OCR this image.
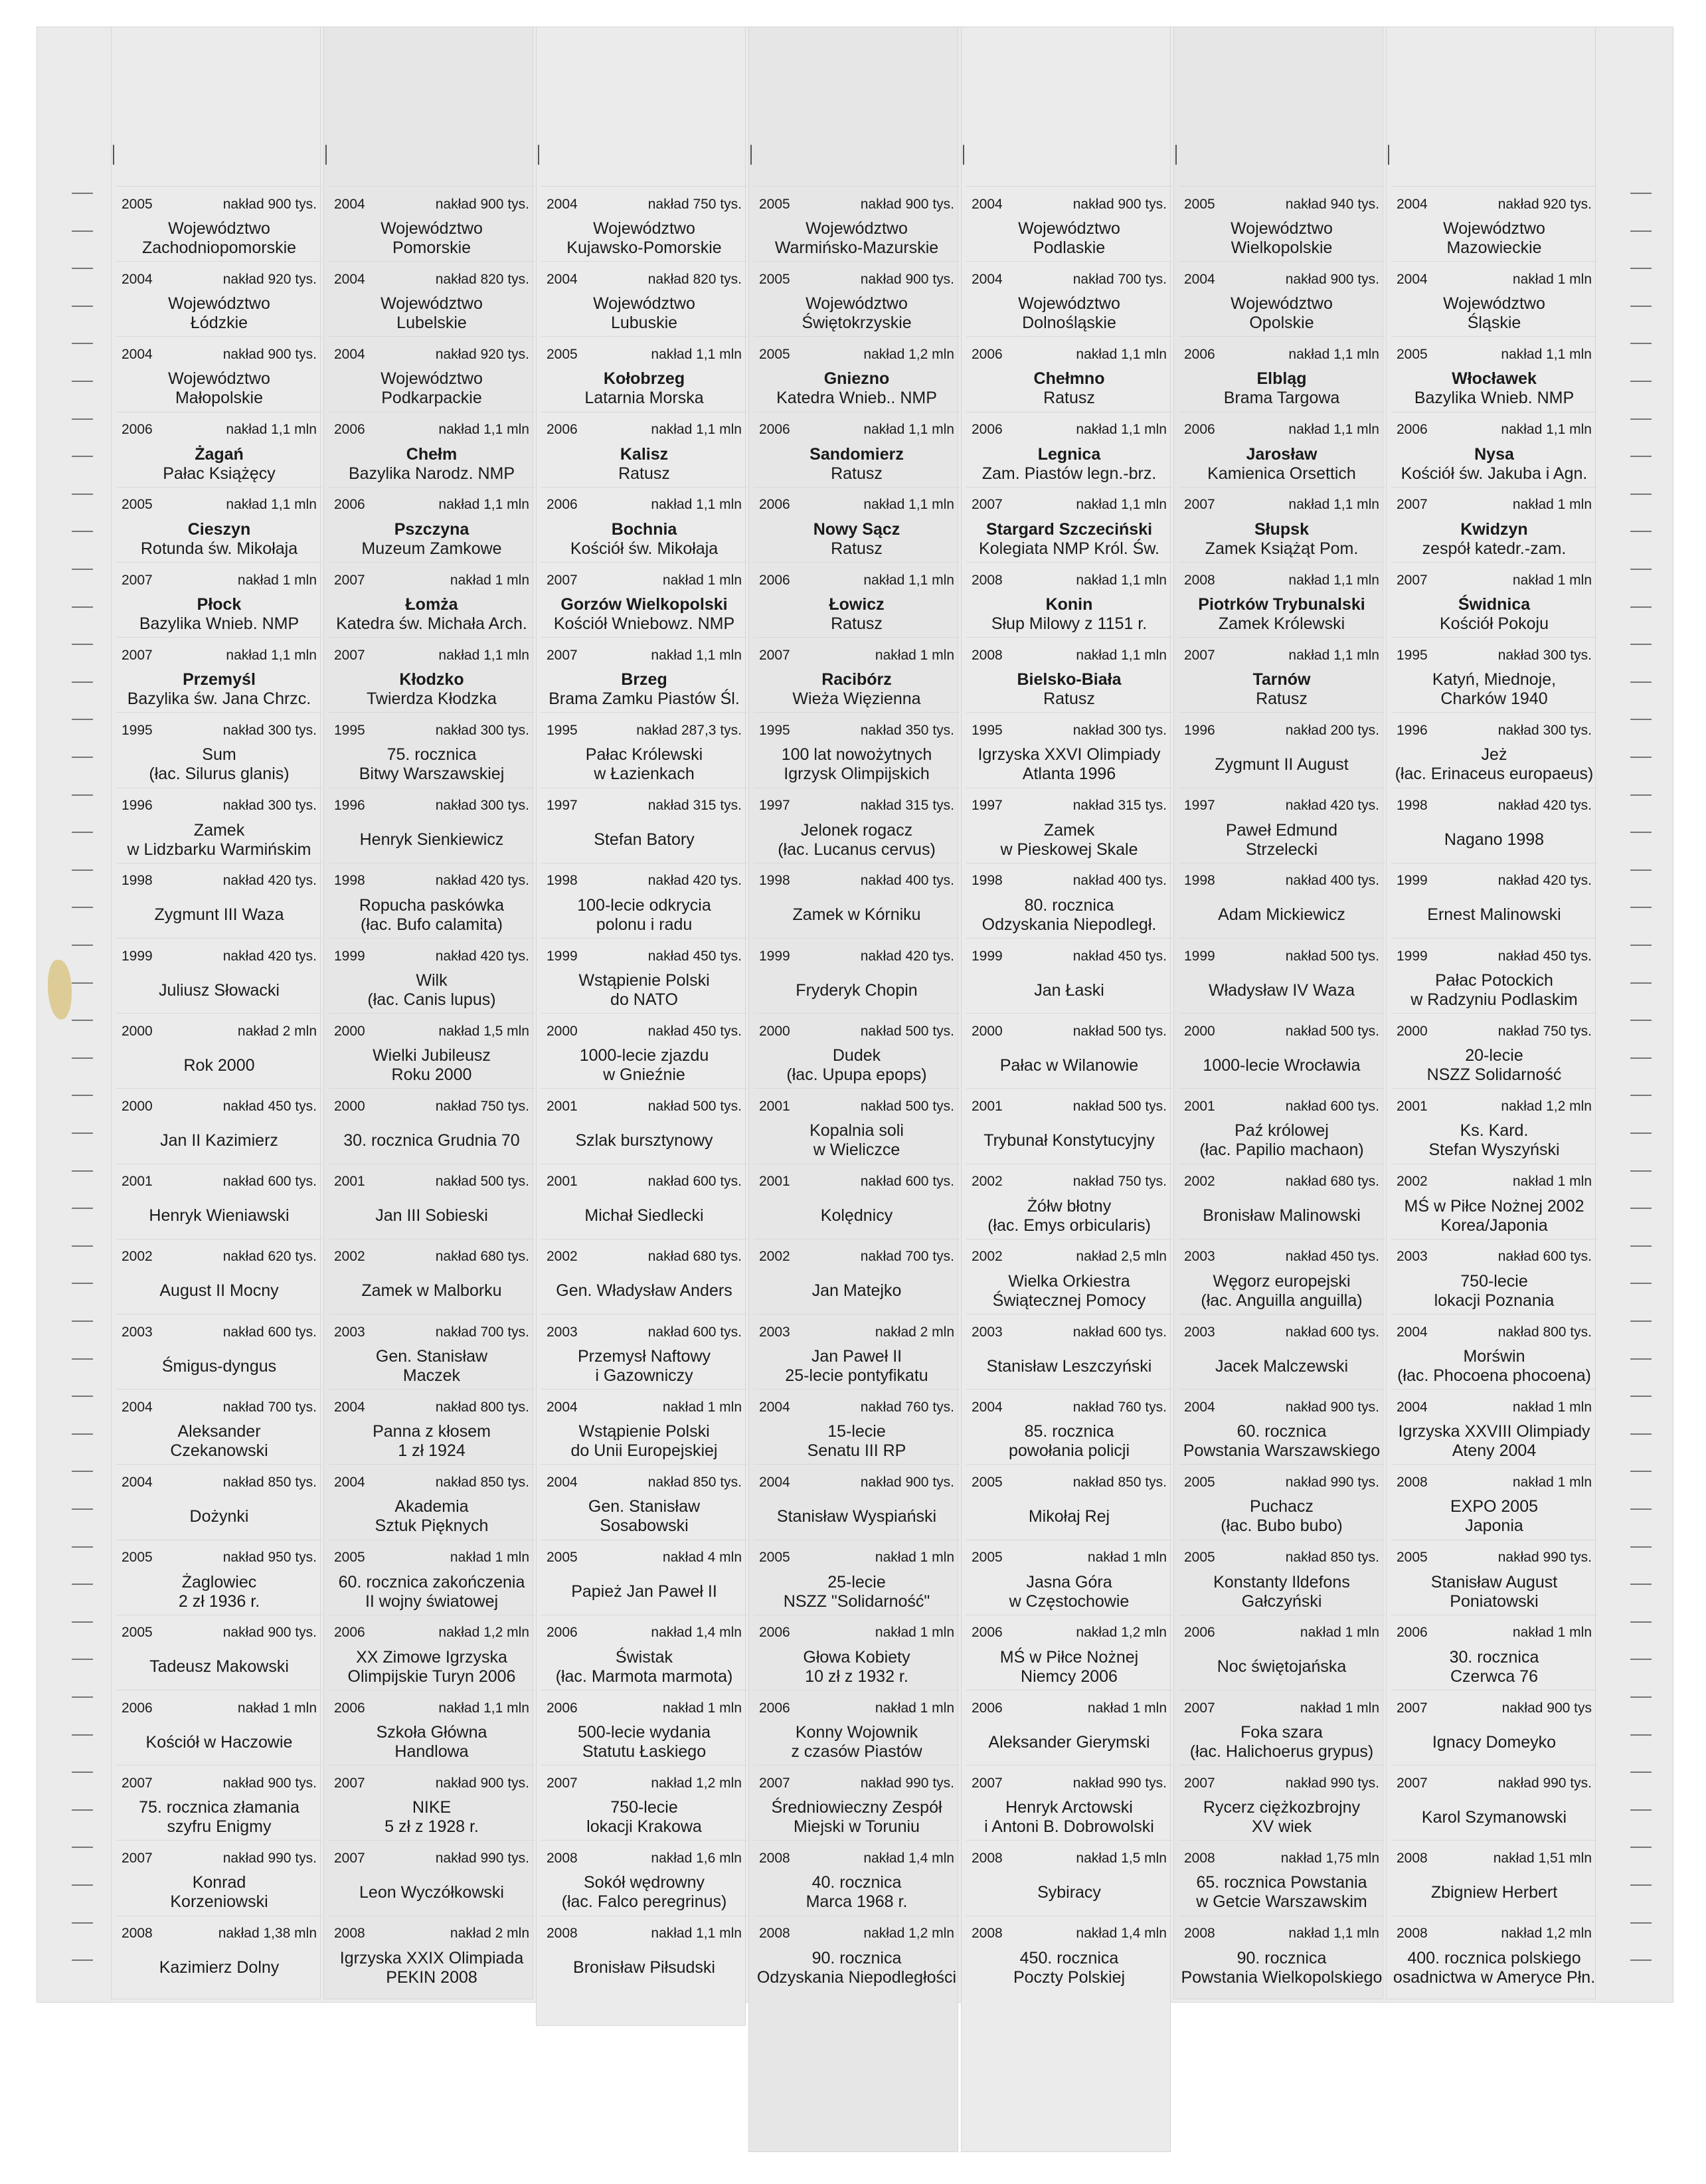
2005	nakład 900 tys.
Województwo
Zachodniopomorskie
2004	nakład 920 tys.
Województwo
Łódzkie
2004	nakład 900 tys.
Województwo
Małopolskie
2006	nakład 1,1 mln
Żagań
Pałac Książęcy
2005	nakład 1,1 mln
Cieszyn
Rotunda św. Mikołaja
2007	nakład 1 mln
Płock
Bazylika Wnieb. NMP
2007	nakład 1,1 mln
Przemyśl
Bazylika św. Jana Chrzc.
1995	nakład 300 tys.
Sum
(łac. Silurus glanis)
1996	nakład 300 tys.
Zamek
w Lidzbarku Warmińskim
1998	nakład 420 tys.
Zygmunt III Waza
1999	nakład 420 tys.
Juliusz Słowacki
2000	nakład 2 mln
Rok 2000
2000	nakład 450 tys.
Jan II Kazimierz
2001	nakład 600 tys.
Henryk Wieniawski
2002	nakład 620 tys.
August II Mocny
2003	nakład 600 tys.
Śmigus-dyngus
2004	nakład 700 tys.
Aleksander
Czekanowski
2004	nakład 850 tys.
Dożynki
2005	nakład 950 tys.
Żaglowiec
2 zł 1936 r.
2005	nakład 900 tys.
Tadeusz Makowski
2006	nakład 1 mln
Kościół w Haczowie
2007	nakład 900 tys.
75. rocznica złamania
szyfru Enigmy
2007	nakład 990 tys.
Konrad
Korzeniowski
2008	nakład 1,38 mln
Kazimierz Dolny
2004	nakład 900 tys.
Województwo
Pomorskie
2004	nakład 820 tys.
Województwo
Lubelskie
2004	nakład 920 tys.
Województwo
Podkarpackie
2006	nakład 1,1 mln
Chełm
Bazylika Narodz. NMP
2006	nakład 1,1 mln
Pszczyna
Muzeum Zamkowe
2007	nakład 1 mln
Łomża
Katedra św. Michała Arch.
2007	nakład 1,1 mln
Kłodzko
Twierdza Kłodzka
1995	nakład 300 tys.
75. rocznica
Bitwy Warszawskiej
1996	nakład 300 tys.
Henryk Sienkiewicz
1998	nakład 420 tys.
Ropucha paskówka
(łac. Bufo calamita)
1999	nakład 420 tys.
Wilk
(łac. Canis lupus)
2000	nakład 1,5 mln
Wielki Jubileusz
Roku 2000
2000	nakład 750 tys.
30. rocznica Grudnia 70
2001	nakład 500 tys.
Jan III Sobieski
2002	nakład 680 tys.
Zamek w Malborku
2003	nakład 700 tys.
Gen. Stanisław
Maczek
2004	nakład 800 tys.
Panna z kłosem
1 zł 1924
2004	nakład 850 tys.
Akademia
Sztuk Pięknych
2005	nakład 1 mln
60. rocznica zakończenia
II wojny światowej
2006	nakład 1,2 mln
XX Zimowe Igrzyska
Olimpijskie Turyn 2006
2006	nakład 1,1 mln
Szkoła Główna
Handlowa
2007	nakład 900 tys.
NIKE
5 zł z 1928 r.
2007	nakład 990 tys.
Leon Wyczółkowski
2008	nakład 2 mln
Igrzyska XXIX Olimpiada
PEKIN 2008
2004	nakład 750 tys.
Województwo
Kujawsko-Pomorskie
2004	nakład 820 tys.
Województwo
Lubuskie
2005	nakład 1,1 mln
Kołobrzeg
Latarnia Morska
2006	nakład 1,1 mln
Kalisz
Ratusz
2006	nakład 1,1 mln
Bochnia
Kościół św. Mikołaja
2007	nakład 1 mln
Gorzów Wielkopolski
Kościół Wniebowz. NMP
2007	nakład 1,1 mln
Brzeg
Brama Zamku Piastów Śl.
1995	nakład 287,3 tys.
Pałac Królewski
w Łazienkach
1997	nakład 315 tys.
Stefan Batory
1998	nakład 420 tys.
100-lecie odkrycia
polonu i radu
1999	nakład 450 tys.
Wstąpienie Polski
do NATO
2000	nakład 450 tys.
1000-lecie zjazdu
w Gnieźnie
2001	nakład 500 tys.
Szlak bursztynowy
2001	nakład 600 tys.
Michał Siedlecki
2002	nakład 680 tys.
Gen. Władysław Anders
2003	nakład 600 tys.
Przemysł Naftowy
i Gazowniczy
2004	nakład 1 mln
Wstąpienie Polski
do Unii Europejskiej
2004	nakład 850 tys.
Gen. Stanisław
Sosabowski
2005	nakład 4 mln
Papież Jan Paweł II
2006	nakład 1,4 mln
Świstak
(łac. Marmota marmota)
2006	nakład 1 mln
500-lecie wydania
Statutu Łaskiego
2007	nakład 1,2 mln
750-lecie
lokacji Krakowa
2008	nakład 1,6 mln
Sokół wędrowny
(łac. Falco peregrinus)
2008	nakład 1,1 mln
Bronisław Piłsudski
2005	nakład 900 tys.
Województwo
Warmińsko-Mazurskie
2005	nakład 900 tys.
Województwo
Świętokrzyskie
2005	nakład 1,2 mln
Gniezno
Katedra Wnieb.. NMP
2006	nakład 1,1 mln
Sandomierz
Ratusz
2006	nakład 1,1 mln
Nowy Sącz
Ratusz
2006	nakład 1,1 mln
Łowicz
Ratusz
2007	nakład 1 mln
Racibórz
Wieża Więzienna
1995	nakład 350 tys.
100 lat nowożytnych
Igrzysk Olimpijskich
1997	nakład 315 tys.
Jelonek rogacz
(łac. Lucanus cervus)
1998	nakład 400 tys.
Zamek w Kórniku
1999	nakład 420 tys.
Fryderyk Chopin
2000	nakład 500 tys.
Dudek
(łac. Upupa epops)
2001	nakład 500 tys.
Kopalnia soli
w Wieliczce
2001	nakład 600 tys.
Kolędnicy
2002	nakład 700 tys.
Jan Matejko
2003	nakład 2 mln
Jan Paweł II
25-lecie pontyfikatu
2004	nakład 760 tys.
15-lecie
Senatu III RP
2004	nakład 900 tys.
Stanisław Wyspiański
2005	nakład 1 mln
25-lecie
NSZZ "Solidarność"
2006	nakład 1 mln
Głowa Kobiety
10 zł z 1932 r.
2006	nakład 1 mln
Konny Wojownik
z czasów Piastów
2007	nakład 990 tys.
Średniowieczny Zespół
Miejski w Toruniu
2008	nakład 1,4 mln
40. rocznica
Marca 1968 r.
2008	nakład 1,2 mln
90. rocznica
Odzyskania Niepodległości
2004	nakład 900 tys.
Województwo
Podlaskie
2004	nakład 700 tys.
Województwo
Dolnośląskie
2006	nakład 1,1 mln
Chełmno
Ratusz
2006	nakład 1,1 mln
Legnica
Zam. Piastów legn.-brz.
2007	nakład 1,1 mln
Stargard Szczeciński
Kolegiata NMP Król. Św.
2008	nakład 1,1 mln
Konin
Słup Milowy z 1151 r.
2008	nakład 1,1 mln
Bielsko-Biała
Ratusz
1995	nakład 300 tys.
Igrzyska XXVI Olimpiady
Atlanta 1996
1997	nakład 315 tys.
Zamek
w Pieskowej Skale
1998	nakład 400 tys.
80. rocznica
Odzyskania Niepodległ.
1999	nakład 450 tys.
Jan Łaski
2000	nakład 500 tys.
Pałac w Wilanowie
2001	nakład 500 tys.
Trybunał Konstytucyjny
2002	nakład 750 tys.
Żółw błotny
(łac. Emys orbicularis)
2002	nakład 2,5 mln
Wielka Orkiestra
Świątecznej Pomocy
2003	nakład 600 tys.
Stanisław Leszczyński
2004	nakład 760 tys.
85. rocznica
powołania policji
2005	nakład 850 tys.
Mikołaj Rej
2005	nakład 1 mln
Jasna Góra
w Częstochowie
2006	nakład 1,2 mln
MŚ w Piłce Nożnej
Niemcy 2006
2006	nakład 1 mln
Aleksander Gierymski
2007	nakład 990 tys.
Henryk Arctowski
i Antoni B. Dobrowolski
2008	nakład 1,5 mln
Sybiracy
2008	nakład 1,4 mln
450. rocznica
Poczty Polskiej
2005	nakład 940 tys.
Województwo
Wielkopolskie
2004	nakład 900 tys.
Województwo
Opolskie
2006	nakład 1,1 mln
Elbląg
Brama Targowa
2006	nakład 1,1 mln
Jarosław
Kamienica Orsettich
2007	nakład 1,1 mln
Słupsk
Zamek Książąt Pom.
2008	nakład 1,1 mln
Piotrków Trybunalski
Zamek Królewski
2007	nakład 1,1 mln
Tarnów
Ratusz
1996	nakład 200 tys.
Zygmunt II August
1997	nakład 420 tys.
Paweł Edmund
Strzelecki
1998	nakład 400 tys.
Adam Mickiewicz
1999	nakład 500 tys.
Władysław IV Waza
2000	nakład 500 tys.
1000-lecie Wrocławia
2001	nakład 600 tys.
Paź królowej
(łac. Papilio machaon)
2002	nakład 680 tys.
Bronisław Malinowski
2003	nakład 450 tys.
Węgorz europejski
(łac. Anguilla anguilla)
2003	nakład 600 tys.
Jacek Malczewski
2004	nakład 900 tys.
60. rocznica
Powstania Warszawskiego
2005	nakład 990 tys.
Puchacz
(łac. Bubo bubo)
2005	nakład 850 tys.
Konstanty Ildefons
Gałczyński
2006	nakład 1 mln
Noc świętojańska
2007	nakład 1 mln
Foka szara
(łac. Halichoerus grypus)
2007	nakład 990 tys.
Rycerz ciężkozbrojny
XV wiek
2008	nakład 1,75 mln
65. rocznica Powstania
w Getcie Warszawskim
2008	nakład 1,1 mln
90. rocznica
Powstania Wielkopolskiego
2004	nakład 920 tys.
Województwo
Mazowieckie
2004	nakład 1 mln
Województwo
Śląskie
2005	nakład 1,1 mln
Włocławek
Bazylika Wnieb. NMP
2006	nakład 1,1 mln
Nysa
Kościół św. Jakuba i Agn.
2007	nakład 1 mln
Kwidzyn
zespół katedr.-zam.
2007	nakład 1 mln
Świdnica
Kościół Pokoju
1995	nakład 300 tys.
Katyń, Miednoje,
Charków 1940
1996	nakład 300 tys.
Jeż
(łac. Erinaceus europaeus)
1998	nakład 420 tys.
Nagano 1998
1999	nakład 420 tys.
Ernest Malinowski
1999	nakład 450 tys.
Pałac Potockich
w Radzyniu Podlaskim
2000	nakład 750 tys.
20-lecie
NSZZ Solidarność
2001	nakład 1,2 mln
Ks. Kard.
Stefan Wyszyński
2002	nakład 1 mln
MŚ w Piłce Nożnej 2002
Korea/Japonia
2003	nakład 600 tys.
750-lecie
lokacji Poznania
2004	nakład 800 tys.
Morświn
(łac. Phocoena phocoena)
2004	nakład 1 mln
Igrzyska XXVIII Olimpiady
Ateny 2004
2008	nakład 1 mln
EXPO 2005
Japonia
2005	nakład 990 tys.
Stanisław August
Poniatowski
2006	nakład 1 mln
30. rocznica
Czerwca 76
2007	nakład 900 tys
Ignacy Domeyko
2007	nakład 990 tys.
Karol Szymanowski
2008	nakład 1,51 mln
Zbigniew Herbert
2008	nakład 1,2 mln
400. rocznica polskiego
osadnictwa w Ameryce Płn.
